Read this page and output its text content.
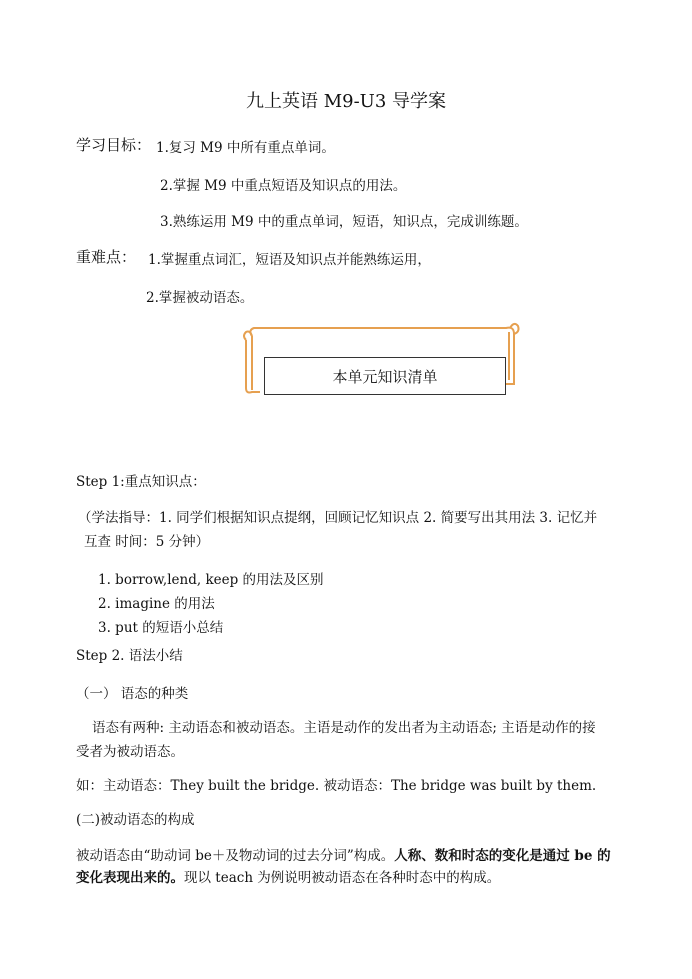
九上英语 M9-U3 导学案
学习目标： 1.复习 M9 中所有重点单词。
2.掌握 M9 中重点短语及知识点的用法。
3.熟练运用 M9 中的重点单词，短语，知识点，完成训练题。
重难点： 1.掌握重点词汇，短语及知识点并能熟练运用，
2.掌握被动语态。
本单元知识清单
Step 1:重点知识点：
（学法指导：1. 同学们根据知识点提纲，回顾记忆知识点 2. 简要写出其用法 3. 记忆并
互查 时间：5 分钟）
1. borrow,lend, keep 的用法及区别
2. imagine 的用法
3. put 的短语小总结
Step 2. 语法小结
（一） 语态的种类
语态有两种: 主动语态和被动语态。主语是动作的发出者为主动语态; 主语是动作的接
受者为被动语态。
如：主动语态：They built the bridge. 被动语态：The bridge was built by them.
(二)被动语态的构成
被动语态由“助动词 be＋及物动词的过去分词”构成。人称、数和时态的变化是通过 be 的
变化表现出来的。现以 teach 为例说明被动语态在各种时态中的构成。
